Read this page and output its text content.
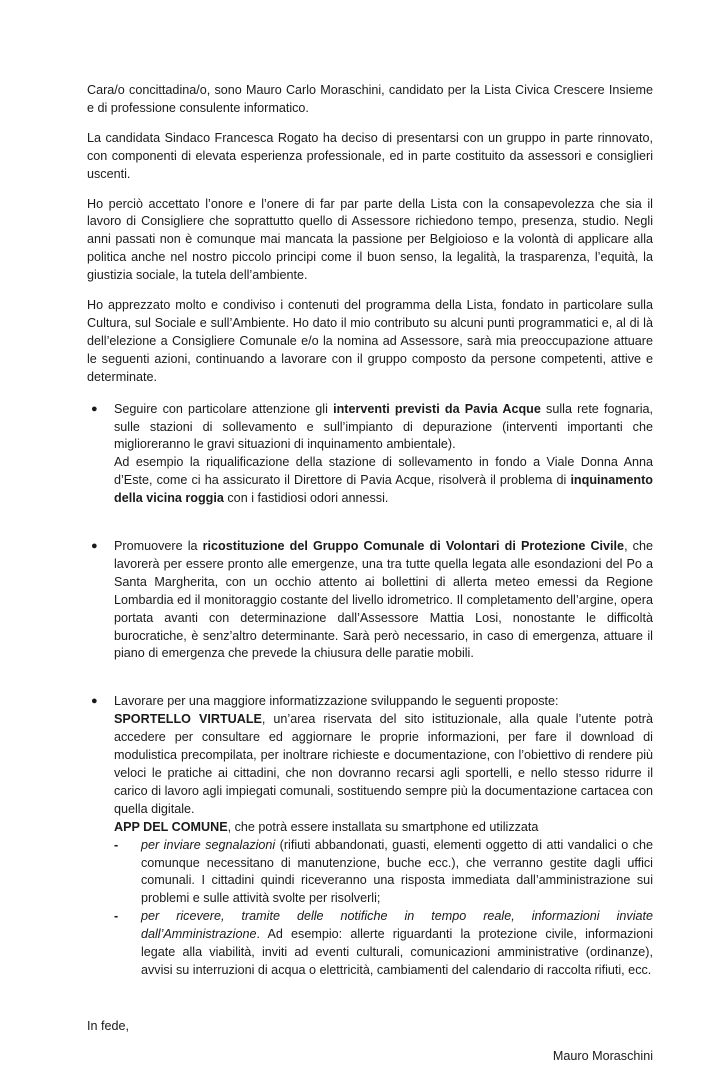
Cara/o concittadina/o, sono Mauro Carlo Moraschini, candidato per la Lista Civica Crescere Insieme e di professione consulente informatico.

La candidata Sindaco Francesca Rogato ha deciso di presentarsi con un gruppo in parte rinnovato, con componenti di elevata esperienza professionale, ed in parte costituito da assessori e consiglieri uscenti.

Ho perciò accettato l’onore e l’onere di far par parte della Lista con la consapevolezza che sia il lavoro di Consigliere che soprattutto quello di Assessore richiedono tempo, presenza, studio. Negli anni passati non è comunque mai mancata la passione per Belgioioso e la volontà di applicare alla politica anche nel nostro piccolo principi come il buon senso, la legalità, la trasparenza, l’equità, la giustizia sociale, la tutela dell’ambiente.

Ho apprezzato molto e condiviso i contenuti del programma della Lista, fondato in particolare sulla Cultura, sul Sociale e sull’Ambiente. Ho dato il mio contributo su alcuni punti programmatici e, al di là dell’elezione a Consigliere Comunale e/o la nomina ad Assessore, sarà mia preoccupazione attuare le seguenti azioni, continuando a lavorare con il gruppo composto da persone competenti, attive e determinate.

● Seguire con particolare attenzione gli interventi previsti da Pavia Acque sulla rete fognaria, sulle stazioni di sollevamento e sull’impianto di depurazione (interventi importanti che miglioreranno le gravi situazioni di inquinamento ambientale).

Ad esempio la riqualificazione della stazione di sollevamento in fondo a Viale Donna Anna d’Este, come ci ha assicurato il Direttore di Pavia Acque, risolverà il problema di inquinamento della vicina roggia con i fastidiosi odori annessi.

● Promuovere la ricostituzione del Gruppo Comunale di Volontari di Protezione Civile, che lavorerà per essere pronto alle emergenze, una tra tutte quella legata alle esondazioni del Po a Santa Margherita, con un occhio attento ai bollettini di allerta meteo emessi da Regione Lombardia ed il monitoraggio costante del livello idrometrico. Il completamento dell’argine, opera portata avanti con determinazione dall’Assessore Mattia Losi, nonostante le difficoltà burocratiche, è senz’altro determinante. Sarà però necessario, in caso di emergenza, attuare il piano di emergenza che prevede la chiusura delle paratie mobili.

● Lavorare per una maggiore informatizzazione sviluppando le seguenti proposte:

SPORTELLO VIRTUALE, un’area riservata del sito istituzionale, alla quale l’utente potrà accedere per consultare ed aggiornare le proprie informazioni, per fare il download di modulistica precompilata, per inoltrare richieste e documentazione, con l’obiettivo di rendere più veloci le pratiche ai cittadini, che non dovranno recarsi agli sportelli, e nello stesso ridurre il carico di lavoro agli impiegati comunali, sostituendo sempre più la documentazione cartacea con quella digitale.

APP DEL COMUNE, che potrà essere installata su smartphone ed utilizzata

- per inviare segnalazioni (rifiuti abbandonati, guasti, elementi oggetto di atti vandalici o che comunque necessitano di manutenzione, buche ecc.), che verranno gestite dagli uffici comunali. I cittadini quindi riceveranno una risposta immediata dall’amministrazione sui problemi e sulle attività svolte per risolverli;
- per ricevere, tramite delle notifiche in tempo reale, informazioni inviate dall’Amministrazione. Ad esempio: allerte riguardanti la protezione civile, informazioni legate alla viabilità, inviti ad eventi culturali, comunicazioni amministrative (ordinanze), avvisi su interruzioni di acqua o elettricità, cambiamenti del calendario di raccolta rifiuti, ecc.

In fede,

Mauro Moraschini
